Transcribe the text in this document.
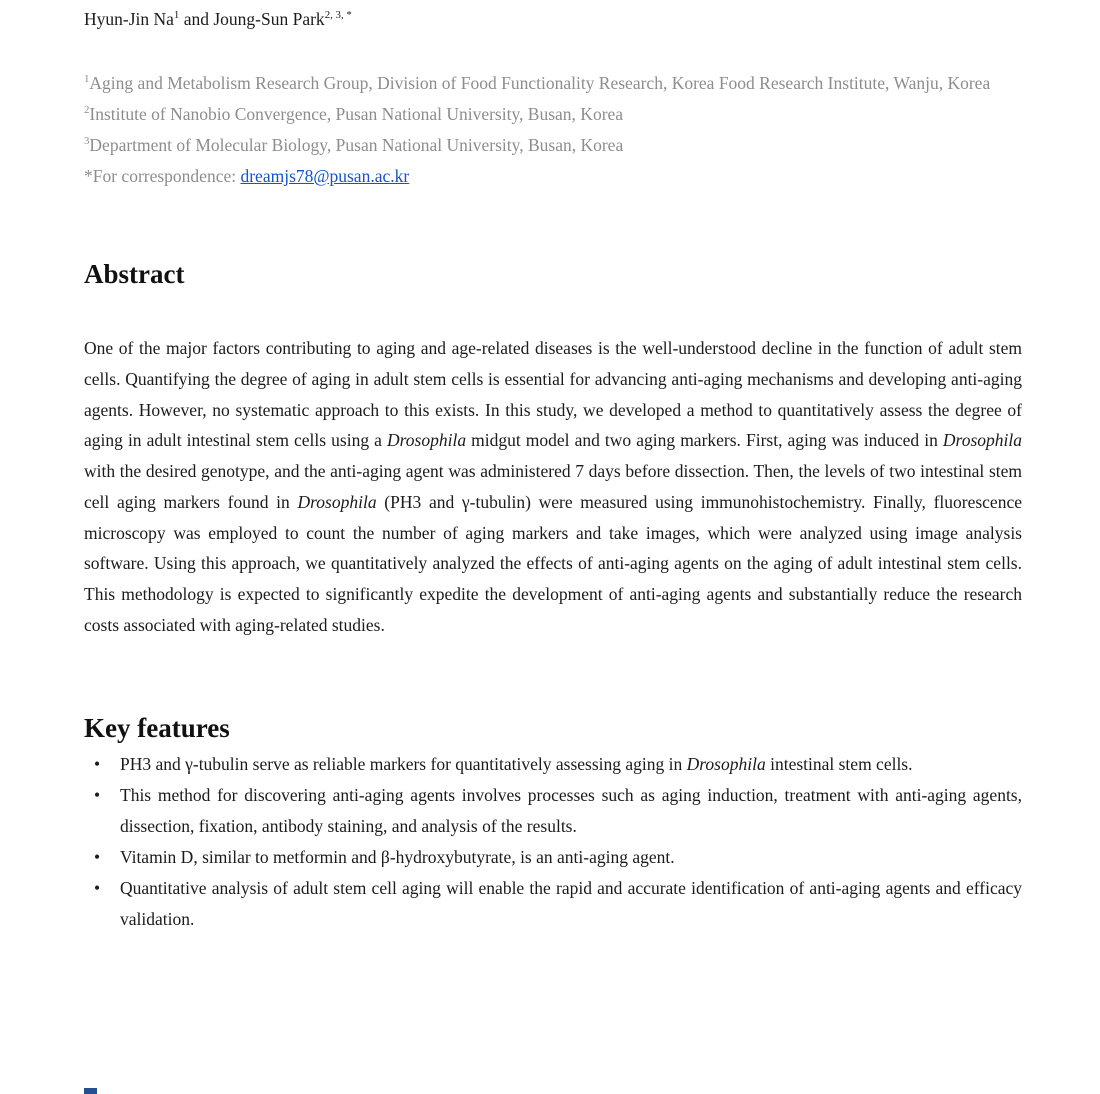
Hyun-Jin Na$^1$ and Joung-Sun Park$^{2, 3, *}$

$^1$Aging and Metabolism Research Group, Division of Food Functionality Research, Korea Food Research Institute, Wanju, Korea

$^2$Institute of Nanobio Convergence, Pusan National University, Busan, Korea

$^3$Department of Molecular Biology, Pusan National University, Busan, Korea

*For correspondence: dreamjs78@pusan.ac.kr

Abstract

One of the major factors contributing to aging and age-related diseases is the well-understood decline in the function of adult stem cells. Quantifying the degree of aging in adult stem cells is essential for advancing anti-aging mechanisms and developing anti-aging agents. However, no systematic approach to this exists. In this study, we developed a method to quantitatively assess the degree of aging in adult intestinal stem cells using a Drosophila midgut model and two aging markers. First, aging was induced in Drosophila with the desired genotype, and the anti-aging agent was administered 7 days before dissection. Then, the levels of two intestinal stem cell aging markers found in Drosophila (PH3 and γ-tubulin) were measured using immunohistochemistry. Finally, fluorescence microscopy was employed to count the number of aging markers and take images, which were analyzed using image analysis software. Using this approach, we quantitatively analyzed the effects of anti-aging agents on the aging of adult intestinal stem cells. This methodology is expected to significantly expedite the development of anti-aging agents and substantially reduce the research costs associated with aging-related studies.

Key features
• PH3 and γ-tubulin serve as reliable markers for quantitatively assessing aging in Drosophila intestinal stem cells.
• This method for discovering anti-aging agents involves processes such as aging induction, treatment with anti-aging agents, dissection, fixation, antibody staining, and analysis of the results.
• Vitamin D, similar to metformin and β-hydroxybutyrate, is an anti-aging agent.
• Quantitative analysis of adult stem cell aging will enable the rapid and accurate identification of anti-aging agents and efficacy validation.
